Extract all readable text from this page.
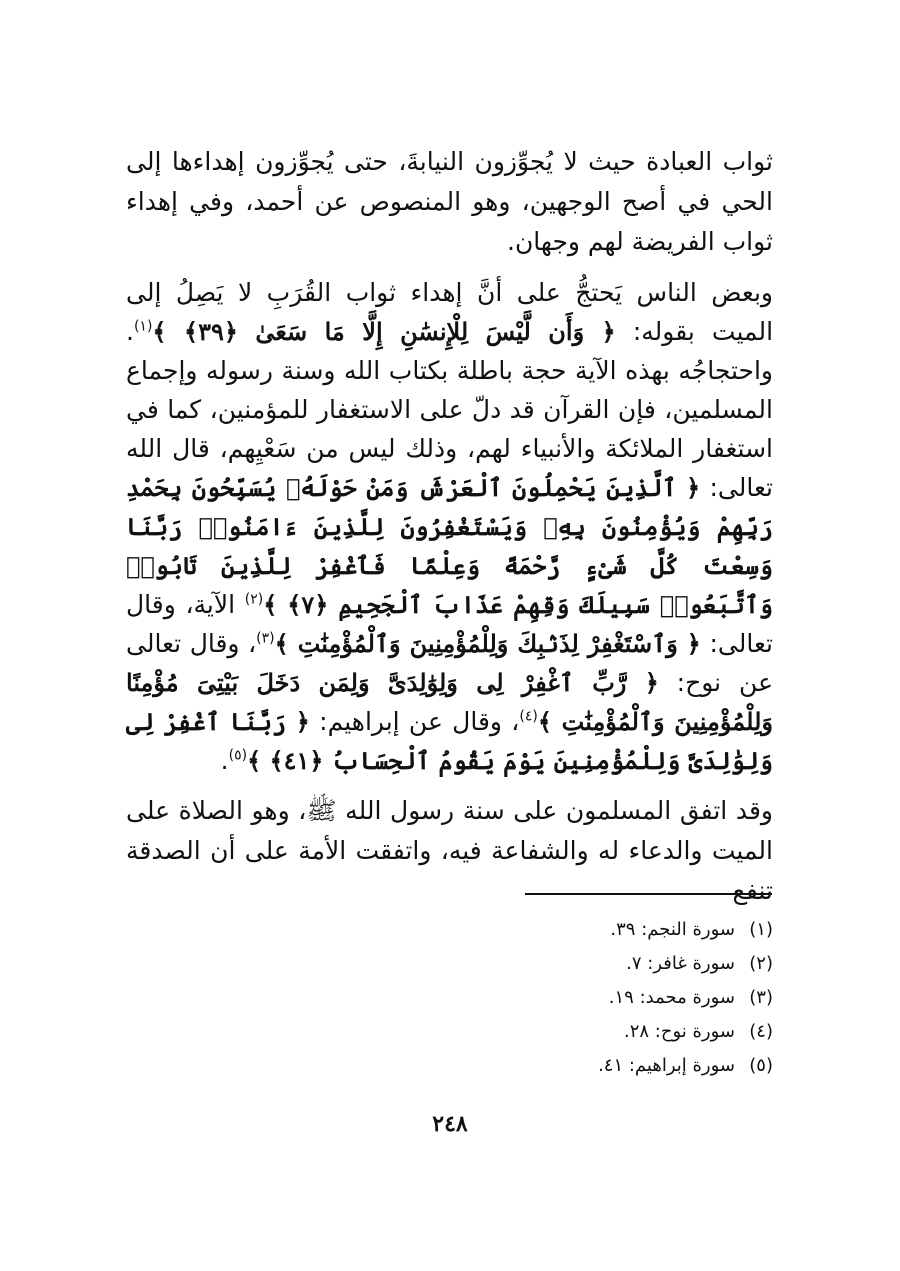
ثواب العبادة حيث لا يُجوِّزون النيابةَ، حتى يُجوِّزون إهداءها إلى الحي في أصح الوجهين، وهو المنصوص عن أحمد، وفي إهداء ثواب الفريضة لهم وجهان.

وبعض الناس يَحتجُّ على أنَّ إهداء ثواب القُرَبِ لا يَصِلُ إلى الميت بقوله: ﴿ وَأَن لَّيْسَ لِلْإِنسَٰنِ إِلَّا مَا سَعَىٰ ﴿٣٩﴾ ﴾$^{(١)}$. واحتجاجُه بهذه الآية حجة باطلة بكتاب الله وسنة رسوله وإجماع المسلمين، فإن القرآن قد دلّ على الاستغفار للمؤمنين، كما في استغفار الملائكة والأنبياء لهم، وذلك ليس من سَعْيِهم، قال الله تعالى: ﴿ ٱلَّذِينَ يَحْمِلُونَ ٱلْعَرْشَ وَمَنْ حَوْلَهُۥ يُسَبِّحُونَ بِحَمْدِ رَبِّهِمْ وَيُؤْمِنُونَ بِهِۦ وَيَسْتَغْفِرُونَ لِلَّذِينَ ءَامَنُوا۟ رَبَّنَا وَسِعْتَ كُلَّ شَىْءٍ رَّحْمَةً وَعِلْمًا فَٱغْفِرْ لِلَّذِينَ تَابُوا۟ وَٱتَّبَعُوا۟ سَبِيلَكَ وَقِهِمْ عَذَابَ ٱلْجَحِيمِ ﴿٧﴾ ﴾$^{(٢)}$ الآية، وقال تعالى: ﴿ وَٱسْتَغْفِرْ لِذَنۢبِكَ وَلِلْمُؤْمِنِينَ وَٱلْمُؤْمِنَٰتِ ﴾$^{(٣)}$، وقال تعالى عن نوح: ﴿ رَّبِّ ٱغْفِرْ لِى وَلِوَٰلِدَىَّ وَلِمَن دَخَلَ بَيْتِىَ مُؤْمِنًا وَلِلْمُؤْمِنِينَ وَٱلْمُؤْمِنَٰتِ ﴾$^{(٤)}$، وقال عن إبراهيم: ﴿ رَبَّنَا ٱغْفِرْ لِى وَلِوَٰلِدَىَّ وَلِلْمُؤْمِنِينَ يَوْمَ يَقُومُ ٱلْحِسَابُ ﴿٤١﴾ ﴾$^{(٥)}$.

وقد اتفق المسلمون على سنة رسول الله ﷺ، وهو الصلاة على الميت والدعاء له والشفاعة فيه، واتفقت الأمة على أن الصدقة تنفع

(١)سورة النجم: ٣٩.
(٢)سورة غافر: ٧.
(٣)سورة محمد: ١٩.
(٤)سورة نوح: ٢٨.
(٥)سورة إبراهيم: ٤١.
٢٤٨
